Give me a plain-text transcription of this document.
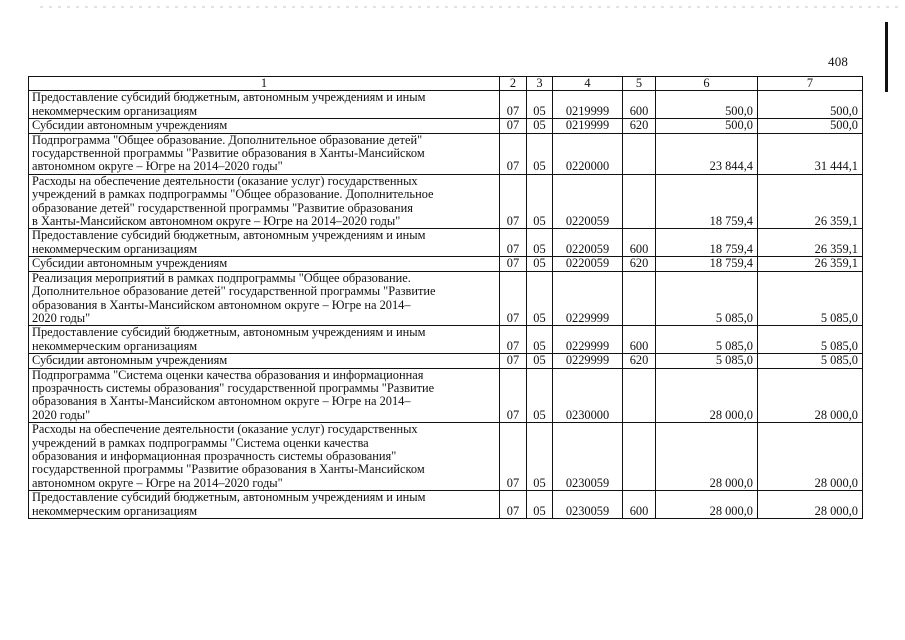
408
1	2	3	4	5	6	7

Предоставление субсидий бюджетным, автономным учреждениям и иным
некоммерческим организациям	07	05	0219999	600	500,0	500,0

Субсидии автономным учреждениям	07	05	0219999	620	500,0	500,0

Подпрограмма "Общее образование. Дополнительное образование детей"
государственной программы "Развитие образования в Ханты-Мансийском
автономном округе – Югре на 2014–2020 годы"	07	05	0220000		23 844,4	31 444,1

Расходы на обеспечение деятельности (оказание услуг) государственных
учреждений в рамках подпрограммы "Общее образование. Дополнительное
образование детей" государственной программы "Развитие образования
в Ханты-Мансийском автономном округе – Югре на 2014–2020 годы"	07	05	0220059		18 759,4	26 359,1

Предоставление субсидий бюджетным, автономным учреждениям и иным
некоммерческим организациям	07	05	0220059	600	18 759,4	26 359,1

Субсидии автономным учреждениям	07	05	0220059	620	18 759,4	26 359,1

Реализация мероприятий в рамках подпрограммы "Общее образование.
Дополнительное образование детей" государственной программы "Развитие
образования в Ханты-Мансийском автономном округе – Югре на 2014–
2020 годы"	07	05	0229999		5 085,0	5 085,0

Предоставление субсидий бюджетным, автономным учреждениям и иным
некоммерческим организациям	07	05	0229999	600	5 085,0	5 085,0

Субсидии автономным учреждениям	07	05	0229999	620	5 085,0	5 085,0

Подпрограмма "Система оценки качества образования и информационная
прозрачность системы образования" государственной программы "Развитие
образования в Ханты-Мансийском автономном округе – Югре на 2014–
2020 годы"	07	05	0230000		28 000,0	28 000,0

Расходы на обеспечение деятельности (оказание услуг) государственных
учреждений в рамках подпрограммы "Система оценки качества
образования и информационная прозрачность системы образования"
государственной программы "Развитие образования в Ханты-Мансийском
автономном округе – Югре на 2014–2020 годы"	07	05	0230059		28 000,0	28 000,0

Предоставление субсидий бюджетным, автономным учреждениям и иным
некоммерческим организациям	07	05	0230059	600	28 000,0	28 000,0
